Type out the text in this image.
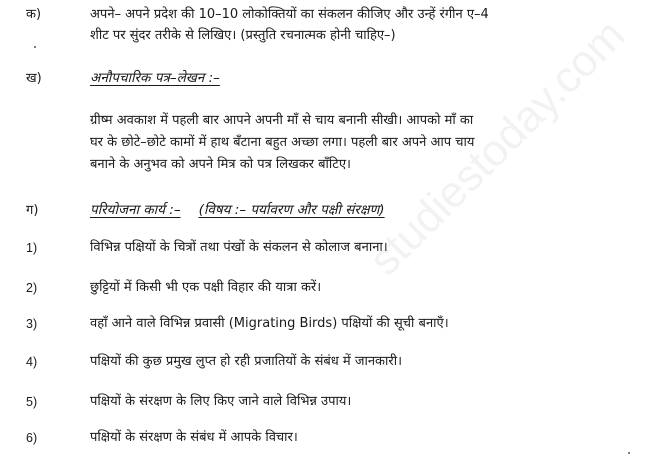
studiestoday.com
क)	अपने– अपने प्रदेश की 10–10 लोकोक्तियों का संकलन कीजिए और उन्हें रंगीन ए–4
शीट पर सुंदर तरीके से लिखिए। (प्रस्तुति रचनात्मक होनी चाहिए–)
ख)	अनौपचारिक पत्र–लेखन :–
ग्रीष्म अवकाश में पहली बार आपने अपनी माँ से चाय बनानी सीखी। आपको माँ का
घर के छोटे–छोटे कामों में हाथ बँटाना बहुत अच्छा लगा। पहली बार अपने आप चाय
बनाने के अनुभव को अपने मित्र को पत्र लिखकर बाँटिए।
ग)	परियोजना कार्य :– (विषय :– पर्यावरण और पक्षी संरक्षण)
1)	विभिन्न पक्षियों के चित्रों तथा पंखों के संकलन से कोलाज बनाना।
2)	छुट्टियों में किसी भी एक पक्षी विहार की यात्रा करें।
3)	वहाँ आने वाले विभिन्न प्रवासी (Migrating Birds) पक्षियों की सूची बनाएँ।
4)	पक्षियों की कुछ प्रमुख लुप्त हो रही प्रजातियों के संबंध में जानकारी।
5)	पक्षियों के संरक्षण के लिए किए जाने वाले विभिन्न उपाय।
6)	पक्षियों के संरक्षण के संबंध में आपके विचार।
